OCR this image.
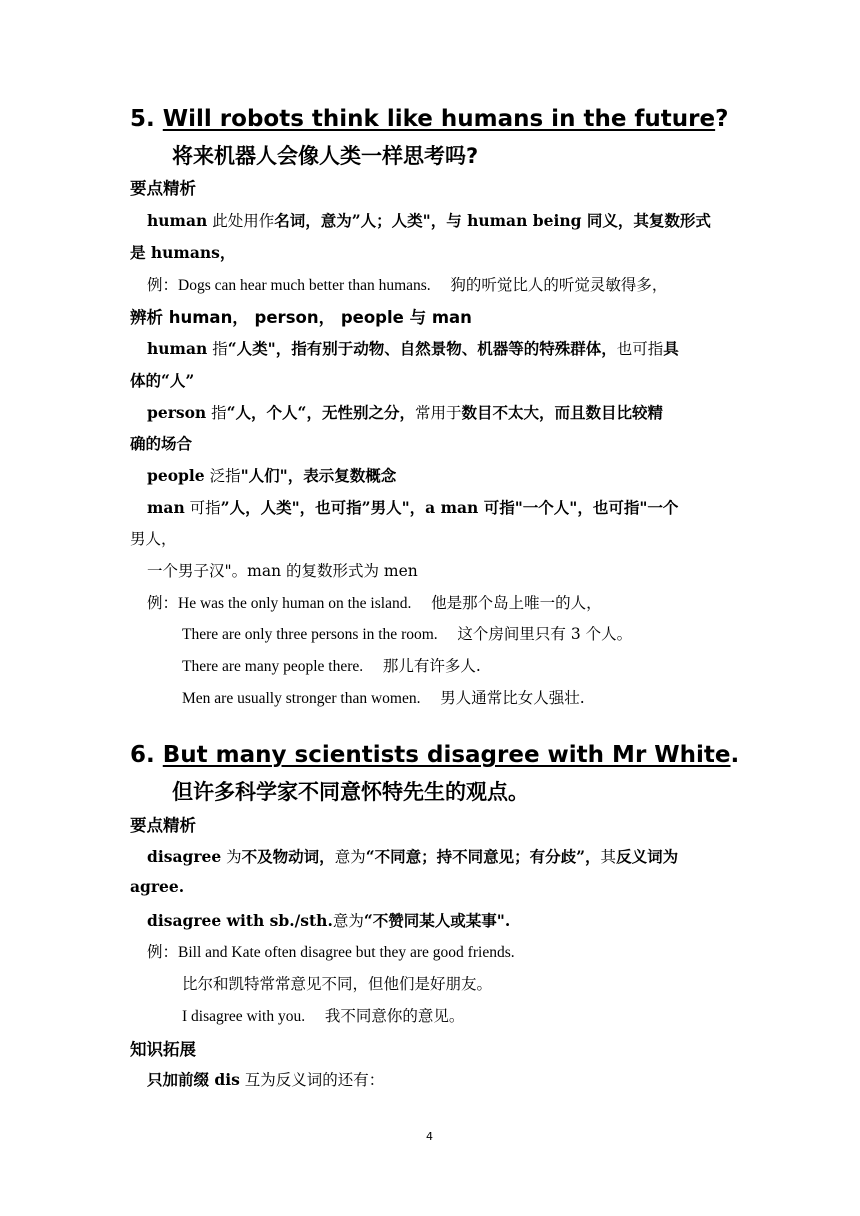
5. Will robots think like humans in the future?
将来机器人会像人类一样思考吗?
要点精析
human 此处用作名词，意为”人；人类"，与 human being 同义，其复数形式
是 humans，
例：Dogs can hear much better than humans. 狗的听觉比人的听觉灵敏得多，
辨析 human， person， people 与 man
human 指“人类"，指有别于动物、自然景物、机器等的特殊群体，也可指具
体的“人”
person 指“人，个人“，无性别之分，常用于数目不太大，而且数目比较精
确的场合
people 泛指"人们"，表示复数概念
man 可指”人，人类"，也可指”男人"，a man 可指"一个人"，也可指"一个
男人，
一个男子汉"。man 的复数形式为 men
例：He was the only human on the island. 他是那个岛上唯一的人，
There are only three persons in the room. 这个房间里只有 3 个人。
There are many people there. 那儿有许多人.
Men are usually stronger than women. 男人通常比女人强壮.
6. But many scientists disagree with Mr White.
但许多科学家不同意怀特先生的观点。
要点精析
disagree 为不及物动词，意为“不同意；持不同意见；有分歧”，其反义词为
agree.
disagree with sb./sth.意为“不赞同某人或某事".
例：Bill and Kate often disagree but they are good friends.
比尔和凯特常常意见不同，但他们是好朋友。
I disagree with you. 我不同意你的意见。
知识拓展
只加前缀 dis 互为反义词的还有：
4
